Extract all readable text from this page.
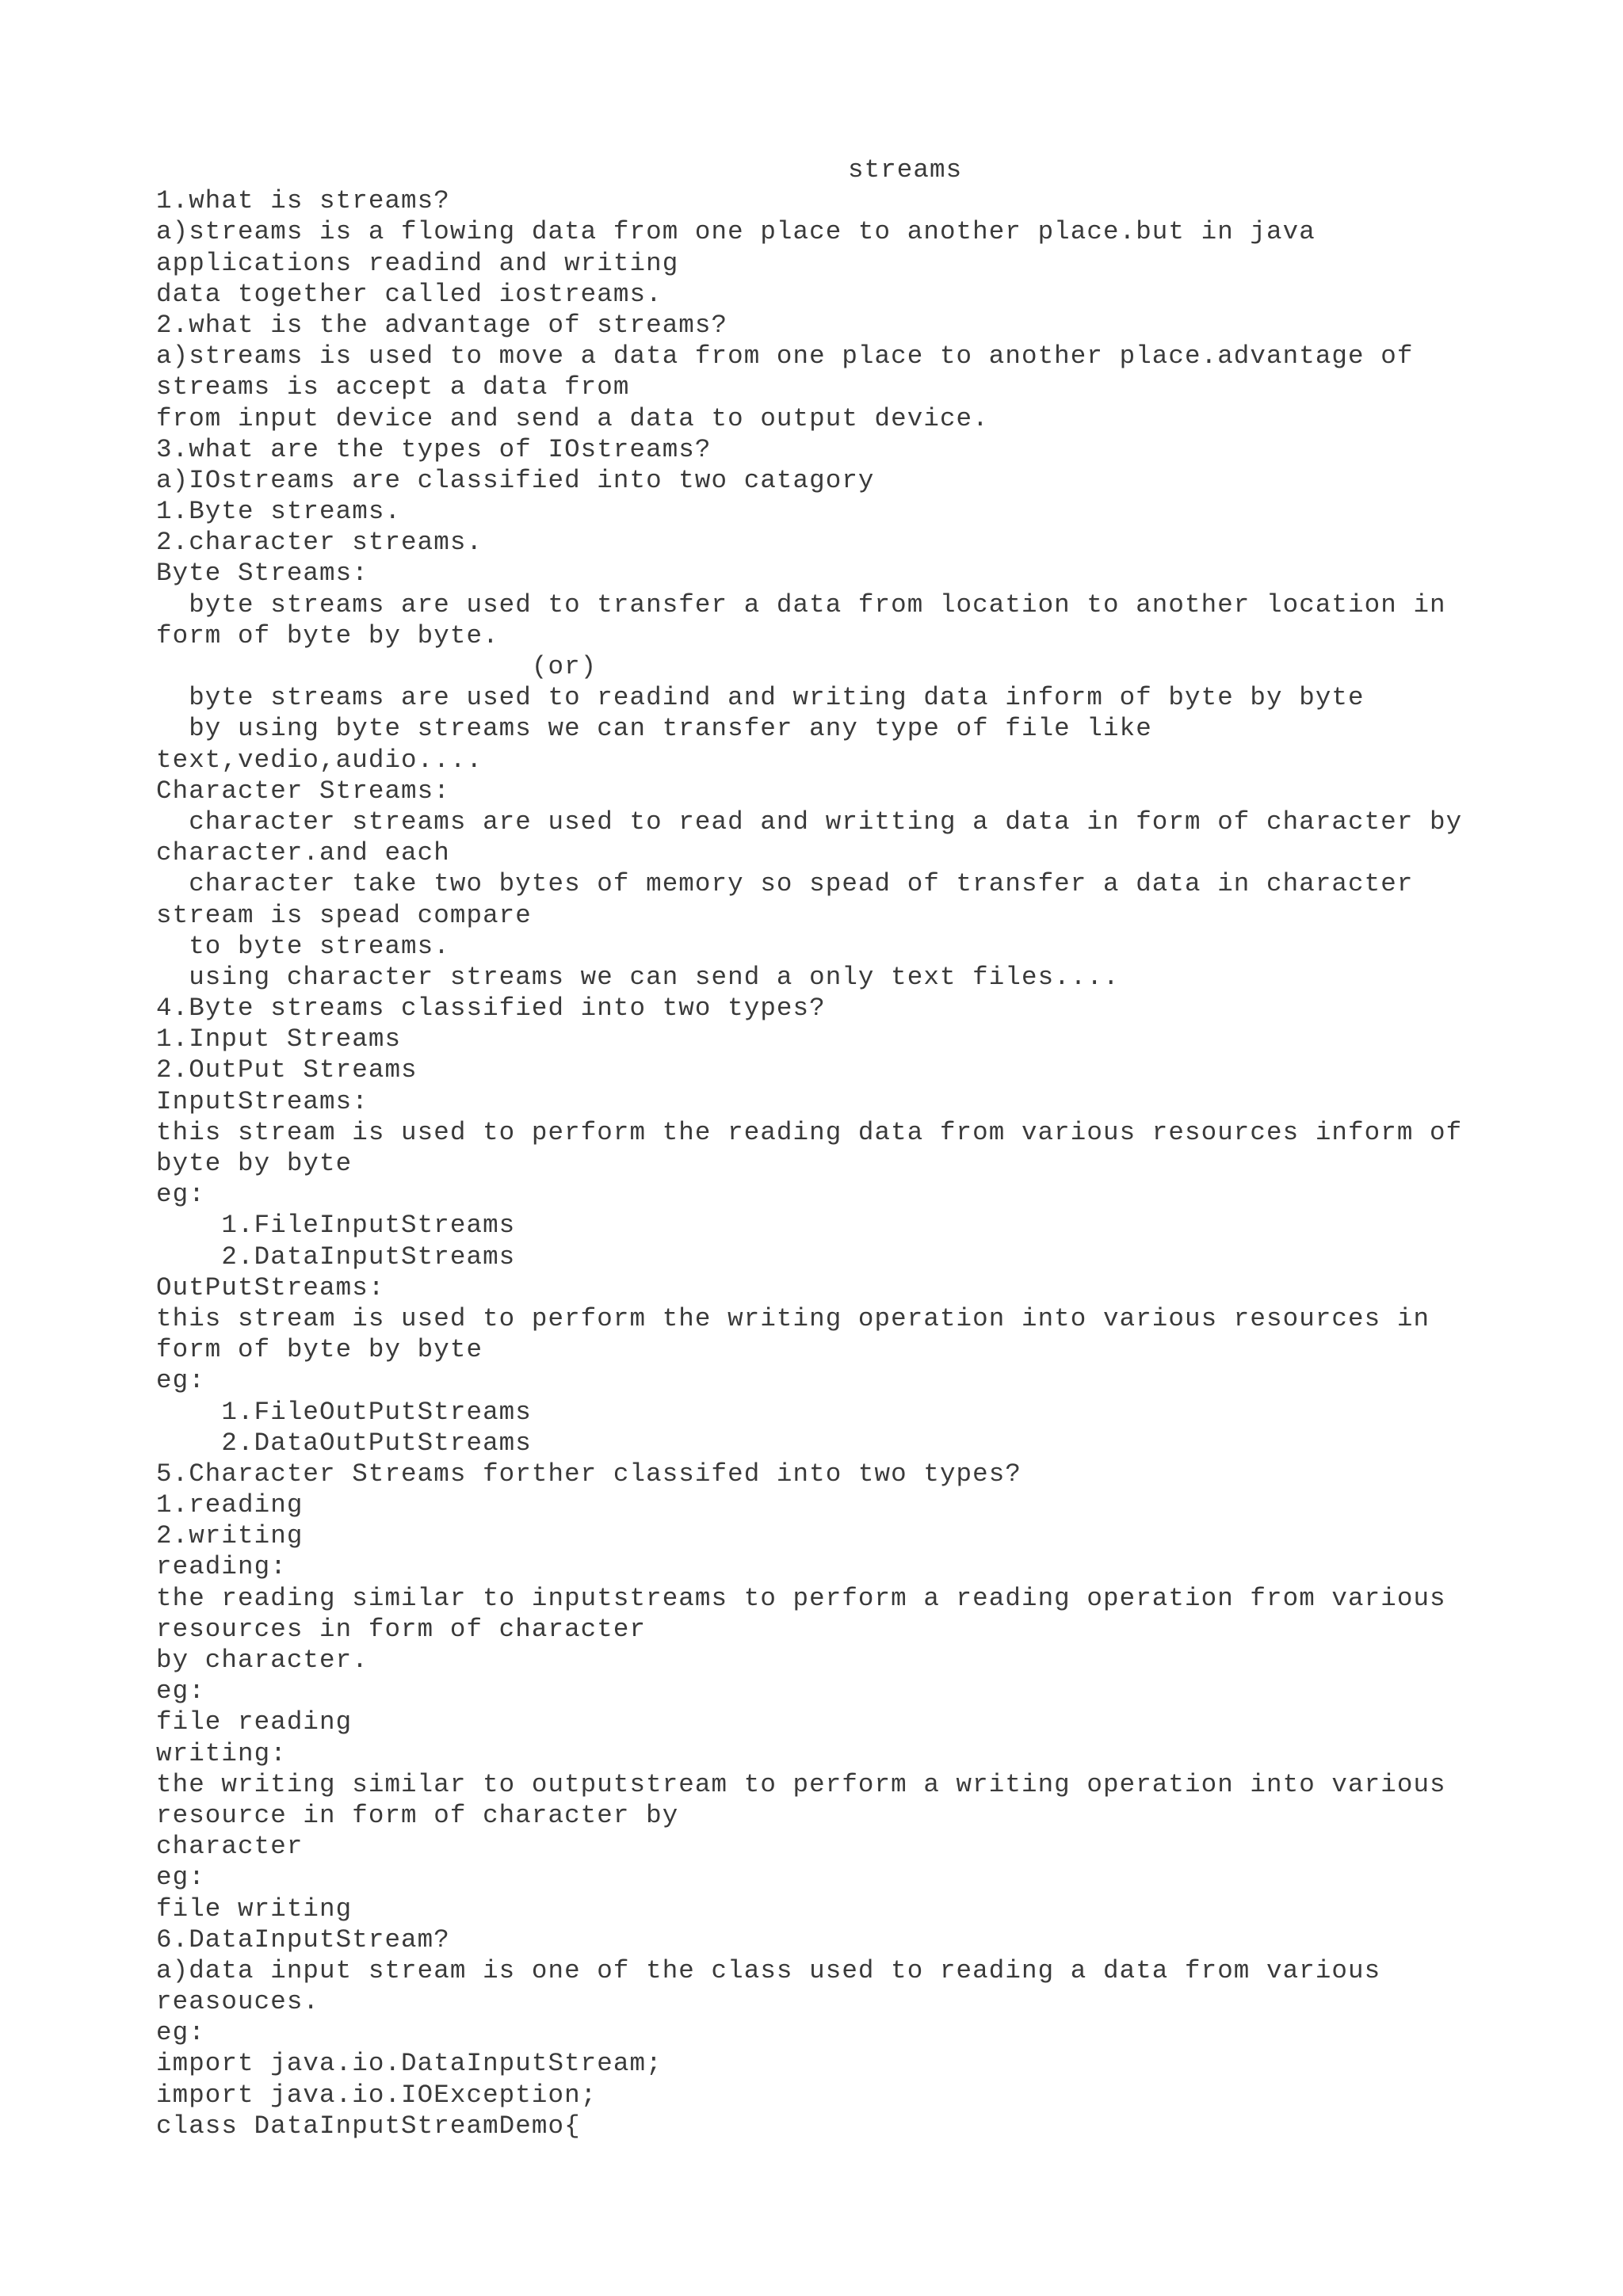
streams
1.what is streams?
a)streams is a flowing data from one place to another place.but in java
applications readind and writing
data together called iostreams.
2.what is the advantage of streams?
a)streams is used to move a data from one place to another place.advantage of
streams is accept a data from
from input device and send a data to output device.
3.what are the types of IOstreams?
a)IOstreams are classified into two catagory
1.Byte streams.
2.character streams.
Byte Streams:
byte streams are used to transfer a data from location to another location in
form of byte by byte.
(or)
byte streams are used to readind and writing data inform of byte by byte
by using byte streams we can transfer any type of file like
text,vedio,audio....
Character Streams:
character streams are used to read and writting a data in form of character by
character.and each
character take two bytes of memory so spead of transfer a data in character
stream is spead compare
to byte streams.
using character streams we can send a only text files....
4.Byte streams classified into two types?
1.Input Streams
2.OutPut Streams
InputStreams:
this stream is used to perform the reading data from various resources inform of
byte by byte
eg:
1.FileInputStreams
2.DataInputStreams
OutPutStreams:
this stream is used to perform the writing operation into various resources in
form of byte by byte
eg:
1.FileOutPutStreams
2.DataOutPutStreams
5.Character Streams forther classifed into two types?
1.reading
2.writing
reading:
the reading similar to inputstreams to perform a reading operation from various
resources in form of character
by character.
eg:
file reading
writing:
the writing similar to outputstream to perform a writing operation into various
resource in form of character by
character
eg:
file writing
6.DataInputStream?
a)data input stream is one of the class used to reading a data from various
reasouces.
eg:
import java.io.DataInputStream;
import java.io.IOException;
class DataInputStreamDemo{
